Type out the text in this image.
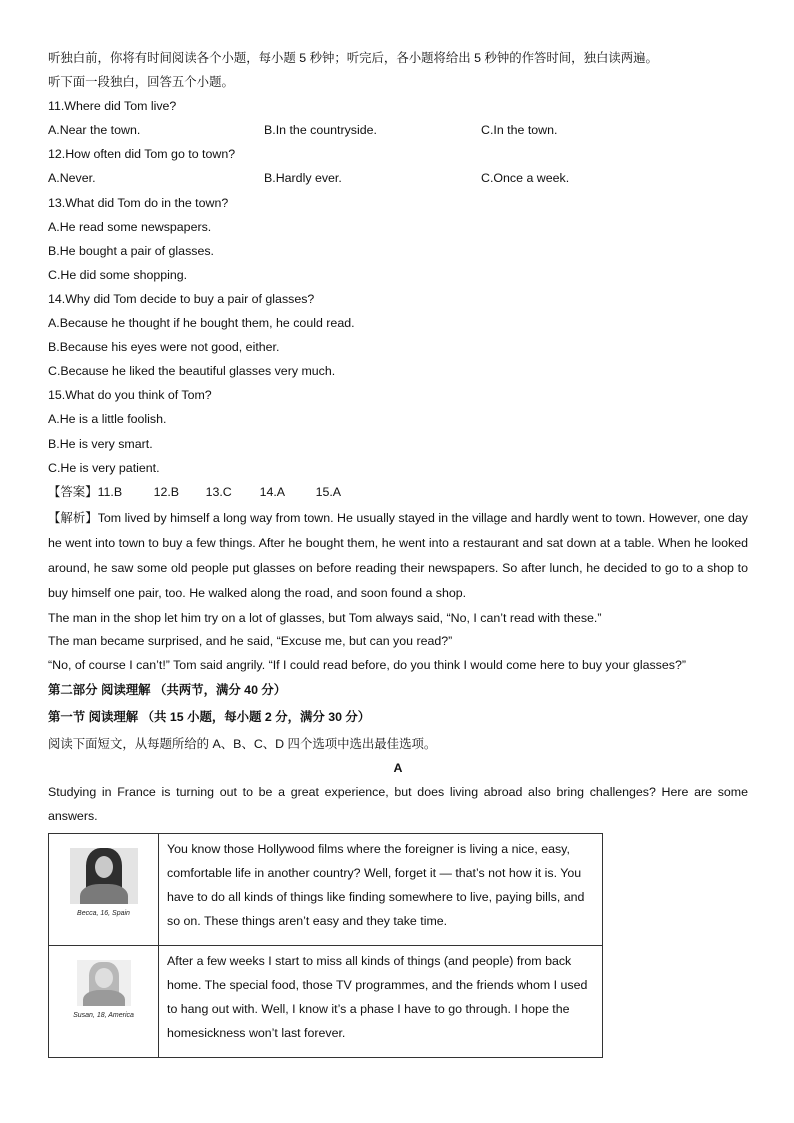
听独白前，你将有时间阅读各个小题，每小题 5 秒钟；听完后，各小题将给出 5 秒钟的作答时间，独白读两遍。
听下面一段独白，回答五个小题。
11.Where did Tom live?
A.Near the town.	B.In the countryside.	C.In the town.
12.How often did Tom go to town?
A.Never.	B.Hardly ever.	C.Once a week.
13.What did Tom do in the town?
A.He read some newspapers.
B.He bought a pair of glasses.
C.He did some shopping.
14.Why did Tom decide to buy a pair of glasses?
A.Because he thought if he bought them, he could read.
B.Because his eyes were not good, either.
C.Because he liked the beautiful glasses very much.
15.What do you think of Tom?
A.He is a little foolish.
B.He is very smart.
C.He is very patient.
【答案】11.B	12.B 13.C 14.A 15.A
【解析】Tom lived by himself a long way from town. He usually stayed in the village and hardly went to town. However, one day he went into town to buy a few things. After he bought them, he went into a restaurant and sat down at a table. When he looked around, he saw some old people put glasses on before reading their newspapers. So after lunch, he decided to go to a shop to buy himself one pair, too. He walked along the road, and soon found a shop.
The man in the shop let him try on a lot of glasses, but Tom always said, “No, I can’t read with these.”
The man became surprised, and he said, “Excuse me, but can you read?”
“No, of course I can’t!” Tom said angrily. “If I could read before, do you think I would come here to buy your glasses?”
第二部分 阅读理解 （共两节，满分 40 分）
第一节 阅读理解 （共 15 小题，每小题 2 分，满分 30 分）
阅读下面短文，从每题所给的 A、B、C、D 四个选项中选出最佳选项。
A
Studying in France is turning out to be a great experience, but does living abroad also bring challenges? Here are some answers.
Becca, 16, Spain	You know those Hollywood films where the foreigner is living a nice, easy, comfortable life in another country? Well, forget it — that’s not how it is. You have to do all kinds of things like finding somewhere to live, paying bills, and so on. These things aren’t easy and they take time.

Susan, 18, America	After a few weeks I start to miss all kinds of things (and people) from back home. The special food, those TV programmes, and the friends whom I used to hang out with. Well, I know it’s a phase I have to go through. I hope the homesickness won’t last forever.
